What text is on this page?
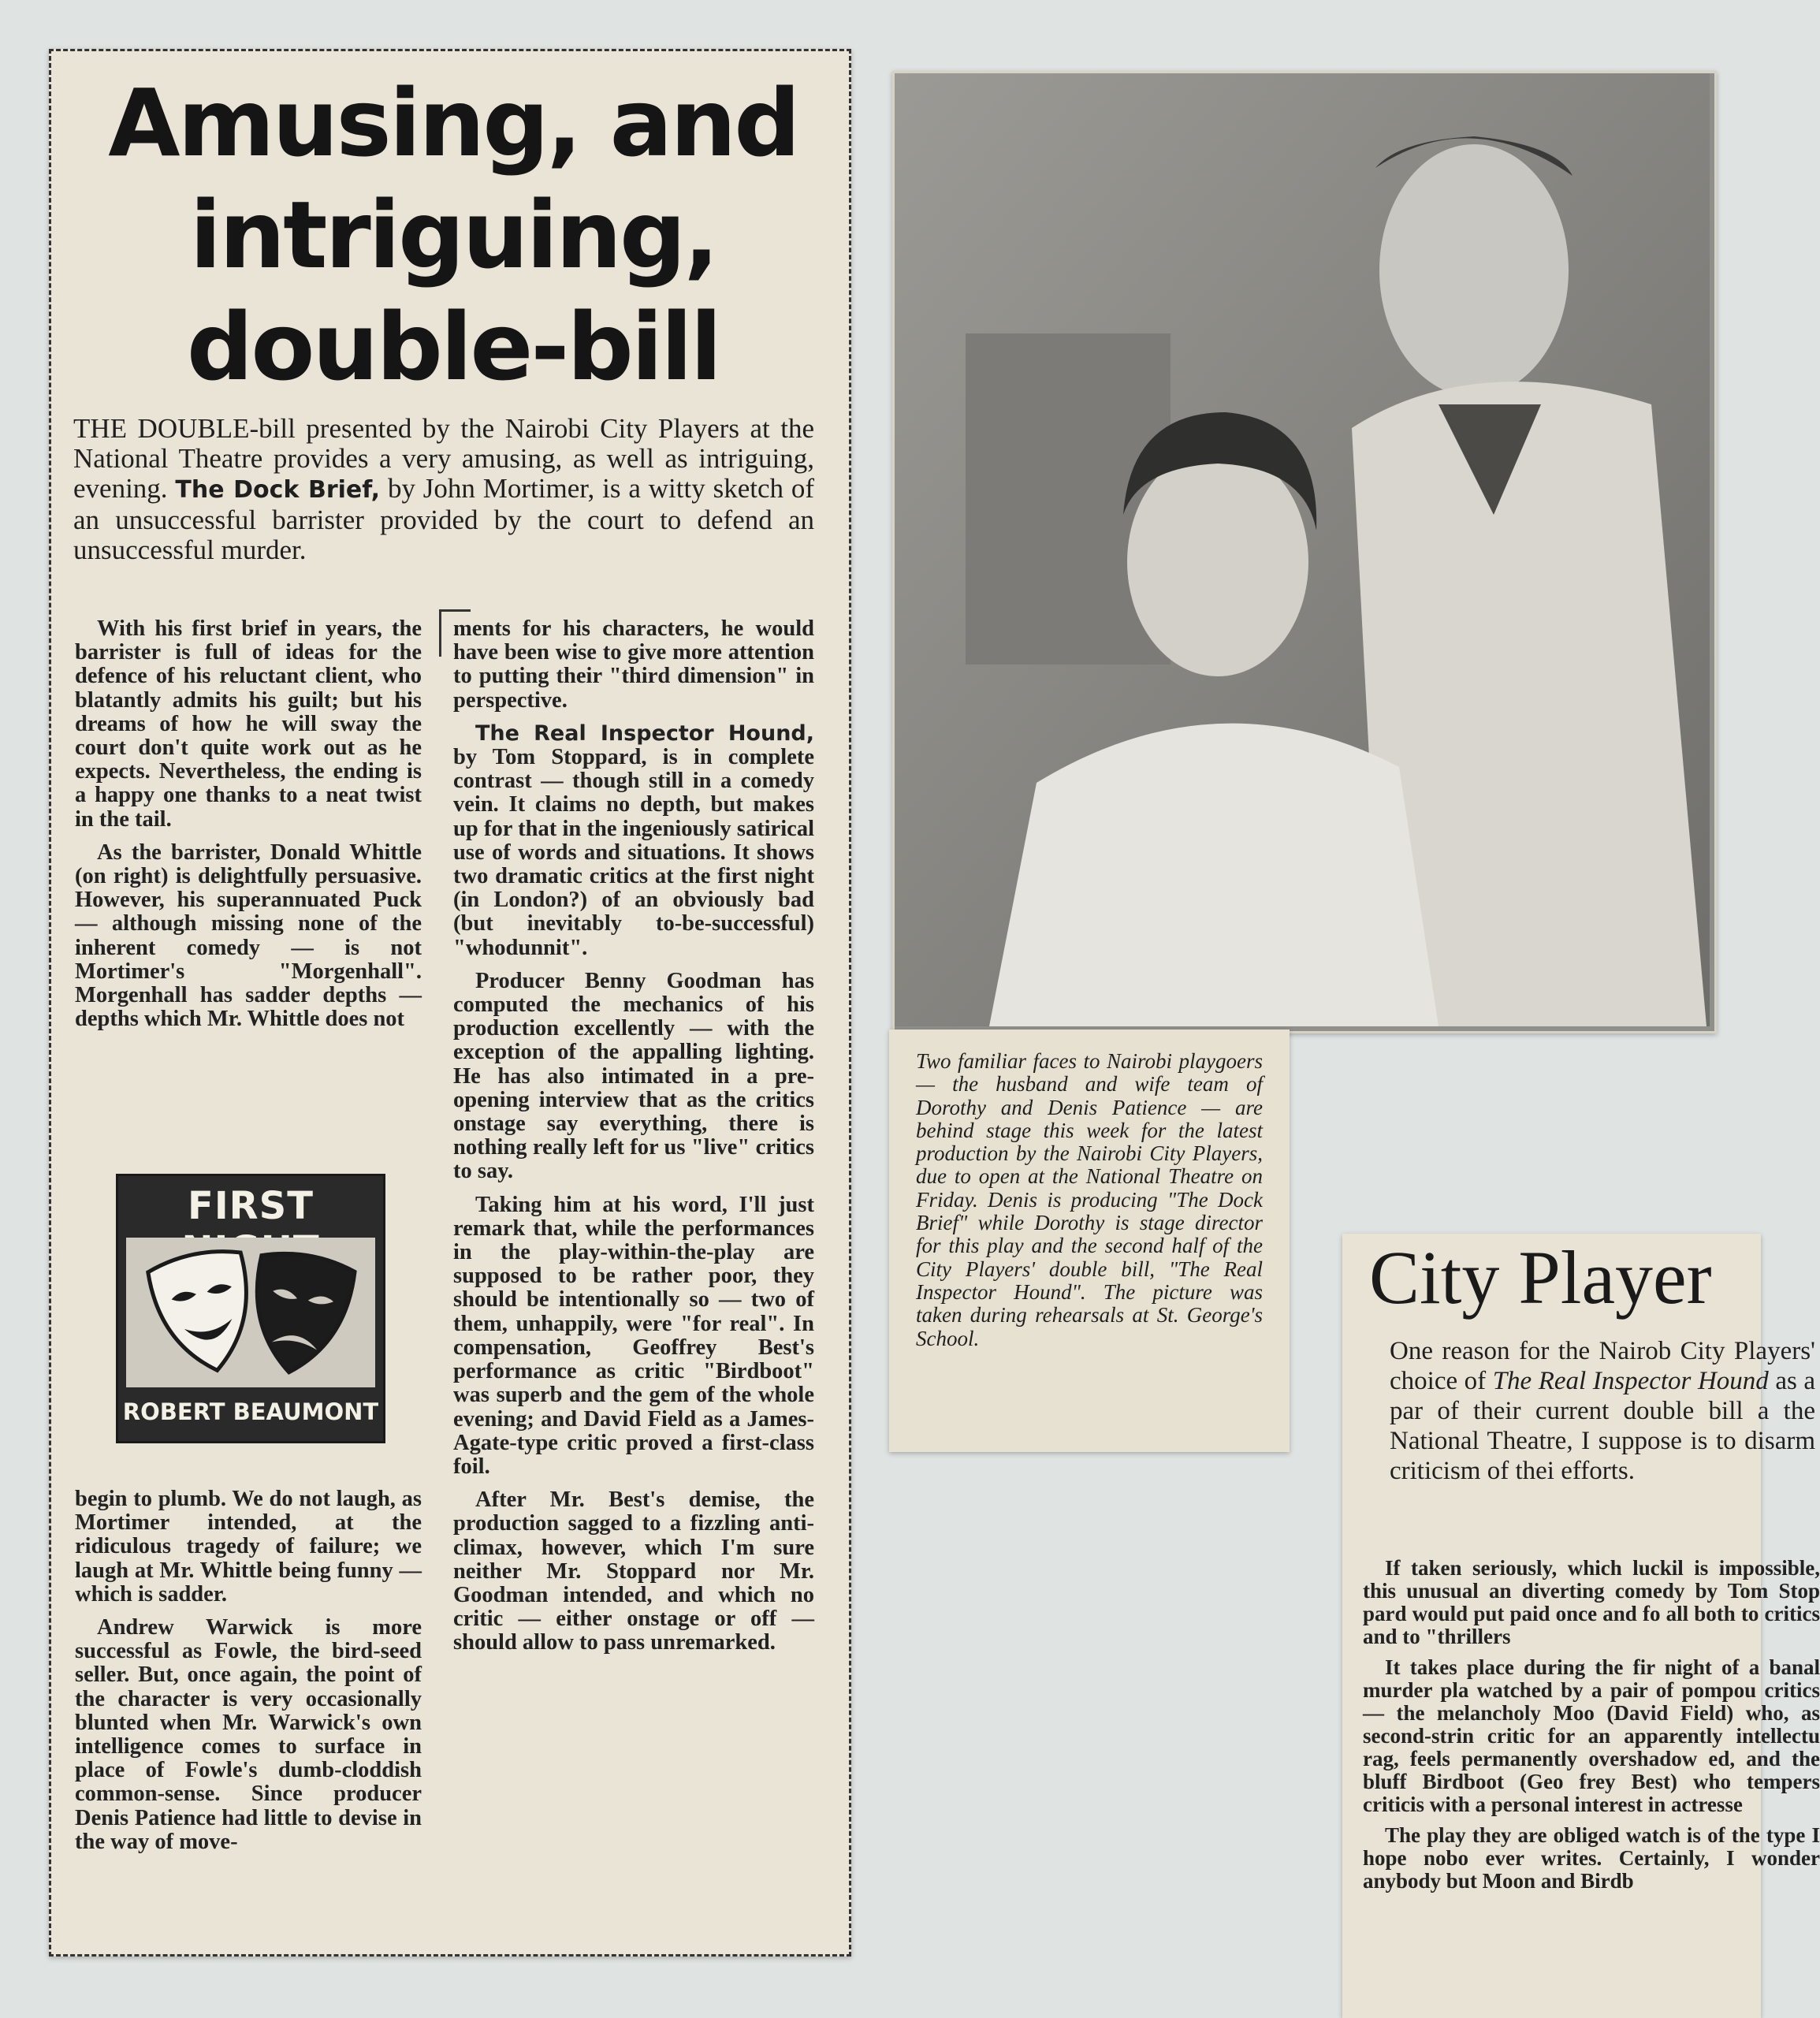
Amusing, and
intriguing,
double-bill
THE DOUBLE-bill presented by the Nairobi City Players at the National Theatre provides a very amusing, as well as intriguing, evening. The Dock Brief, by John Mortimer, is a witty sketch of an unsuccessful barrister provided by the court to defend an unsuccessful murder.

With his first brief in years, the barrister is full of ideas for the defence of his reluctant client, who blatantly admits his guilt; but his dreams of how he will sway the court don't quite work out as he expects. Nevertheless, the ending is a happy one thanks to a neat twist in the tail.

As the barrister, Donald Whittle (on right) is delightfully persuasive. However, his superannuated Puck — although missing none of the inherent comedy — is not Mortimer's "Morgenhall". Morgenhall has sadder depths — depths which Mr. Whittle does not

FIRST
ROBERT BEAUMONT

begin to plumb. We do not laugh, as Mortimer intended, at the ridiculous tragedy of failure; we laugh at Mr. Whittle being funny — which is sadder.

Andrew Warwick is more successful as Fowle, the bird-seed seller. But, once again, the point of the character is very occasionally blunted when Mr. Warwick's own intelligence comes to surface in place of Fowle's dumb-cloddish common-sense. Since producer Denis Patience had little to devise in the way of move-

ments for his characters, he would have been wise to give more attention to putting their "third dimension" in perspective.

The Real Inspector Hound, by Tom Stoppard, is in complete contrast — though still in a comedy vein. It claims no depth, but makes up for that in the ingeniously satirical use of words and situations. It shows two dramatic critics at the first night (in London?) of an obviously bad (but inevitably to-be-successful) "whodunnit".

Producer Benny Goodman has computed the mechanics of his production excellently — with the exception of the appalling lighting. He has also intimated in a pre-opening interview that as the critics onstage say everything, there is nothing really left for us "live" critics to say.

Taking him at his word, I'll just remark that, while the performances in the play-within-the-play are supposed to be rather poor, they should be intentionally so — two of them, unhappily, were "for real". In compensation, Geoffrey Best's performance as critic "Birdboot" was superb and the gem of the whole evening; and David Field as a James-Agate-type critic proved a first-class foil.

After Mr. Best's demise, the production sagged to a fizzling anti-climax, however, which I'm sure neither Mr. Stoppard nor Mr. Goodman intended, and which no critic — either onstage or off — should allow to pass unremarked.

Two familiar faces to Nairobi playgoers — the husband and wife team of Dorothy and Denis Patience — are behind stage this week for the latest production by the Nairobi City Players, due to open at the National Theatre on Friday. Denis is producing "The Dock Brief" while Dorothy is stage director for this play and the second half of the City Players' double bill, "The Real Inspector Hound". The picture was taken during rehearsals at St. George's School.
City Player
One reason for the Nairob City Players' choice of The Real Inspector Hound as a par of their current double bill a the National Theatre, I suppose is to disarm criticism of thei efforts.

If taken seriously, which luckil is impossible, this unusual an diverting comedy by Tom Stop pard would put paid once and fo all both to critics and to "thrillers

It takes place during the fir night of a banal murder pla watched by a pair of pompou critics — the melancholy Moo (David Field) who, as second-strin critic for an apparently intellectu rag, feels permanently overshadow ed, and the bluff Birdboot (Geo frey Best) who tempers criticis with a personal interest in actresse

The play they are obliged watch is of the type I hope nobo ever writes. Certainly, I wonder anybody but Moon and Birdb
